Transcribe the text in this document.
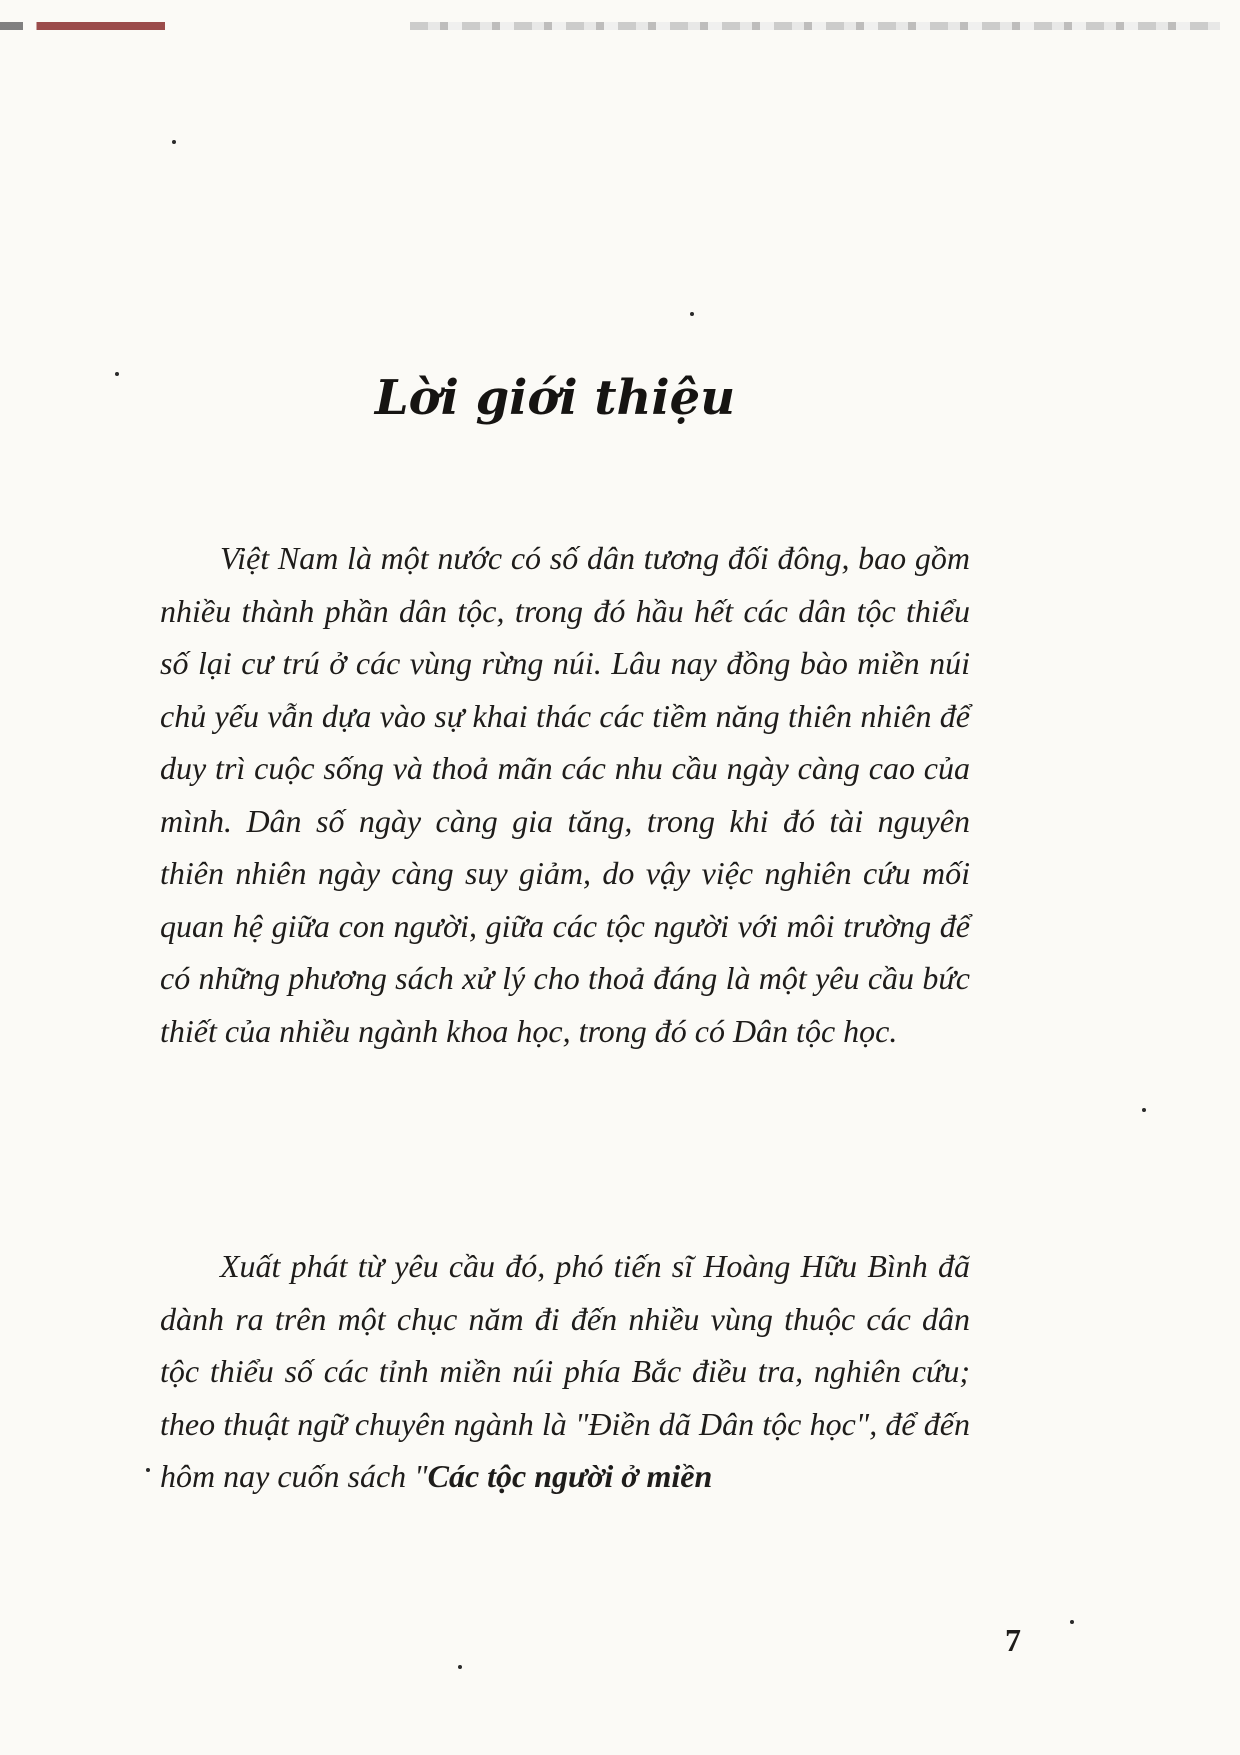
Lời giới thiệu

Việt Nam là một nước có số dân tương đối đông, bao gồm nhiều thành phần dân tộc, trong đó hầu hết các dân tộc thiểu số lại cư trú ở các vùng rừng núi. Lâu nay đồng bào miền núi chủ yếu vẫn dựa vào sự khai thác các tiềm năng thiên nhiên để duy trì cuộc sống và thoả mãn các nhu cầu ngày càng cao của mình. Dân số ngày càng gia tăng, trong khi đó tài nguyên thiên nhiên ngày càng suy giảm, do vậy việc nghiên cứu mối quan hệ giữa con người, giữa các tộc người với môi trường để có những phương sách xử lý cho thoả đáng là một yêu cầu bức thiết của nhiều ngành khoa học, trong đó có Dân tộc học.

Xuất phát từ yêu cầu đó, phó tiến sĩ Hoàng Hữu Bình đã dành ra trên một chục năm đi đến nhiều vùng thuộc các dân tộc thiểu số các tỉnh miền núi phía Bắc điều tra, nghiên cứu; theo thuật ngữ chuyên ngành là "Điền dã Dân tộc học", để đến hôm nay cuốn sách "Các tộc người ở miền

7
